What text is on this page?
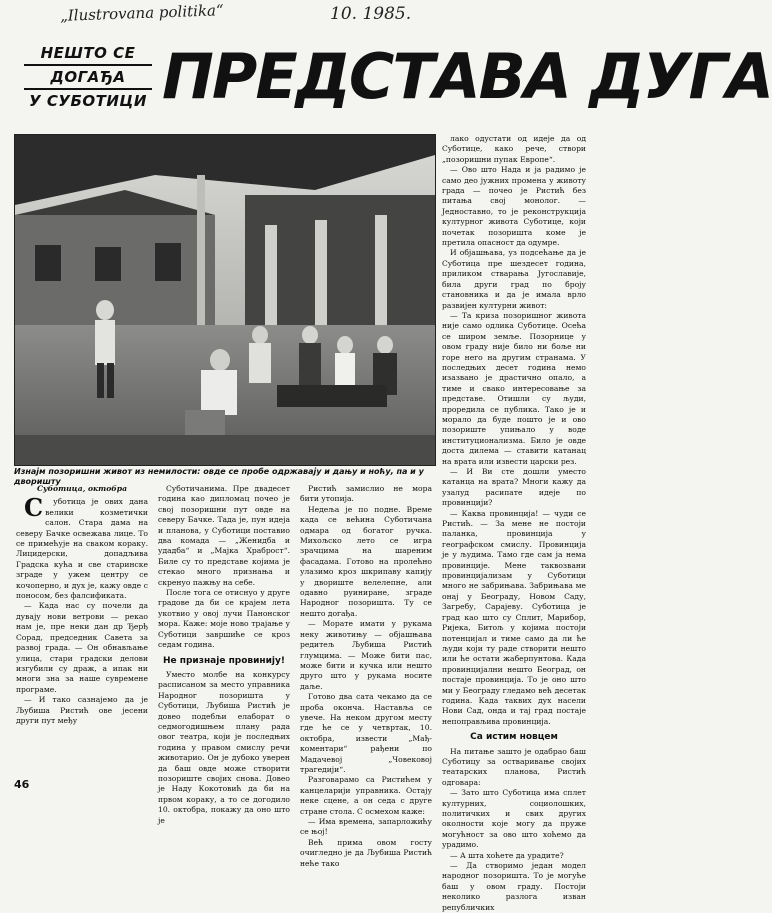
„Ilustrovana politika“	10. 1985.
НЕШТО СЕ
ДОГАЂА
У СУБОТИЦИ ПРЕДСТАВА ДУГА
Изнајм позоришни живот из немилости: овде се пробе одржавају и дању и ноћу, па и у дворишту
Суботица, октобра

С уботица је ових дана велики козметички салон. Стара дама на северу Бачке освежава лице. То се примећује на сваком кораку. Лицидерски, допадљива Градска кућа и све старинске зграде у ужем центру се кочоперно, и дух је, кажу овде с поносом, без фалсификата.

— Када нас су почели да дувају нови ветрови — рекао нам је, пре неки дан др Ђерђ Сорад, председник Савета за развој града. — Он обнављање улица, стари градски делови изгубили су драж, а ипак ни многи зна за наше сувремене програме.

— И тако сазнајемо да је Љубиша Ристић ове јесени други пут међу

Суботичанима. Пре двадесет година као дипломац почео је свој позоришни пут овде на северу Бачке. Тада је, пун идеја и планова, у Суботици поставио два комада — „Женидба и удадба“ и „Мајка Храброст“. Биле су то представе којима је стекао много признања и скренуо пажњу на себе.

После тога се отиснуо у друге градове да би се крајем лета укотвио у овој лучи Панонског мора. Каже: моје ново трајање у Суботици завршиће се кроз седам година.

Не признаје провинију!

Уместо молбе на конкурсу расписаном за место управника Народног позоришта у Суботици, Љубиша Ристић је довео подебљи елаборат о седмогодишњем плану рада овог театра, који је последњих година у правом смислу речи животарио. Он је дубоко уверен да баш овде може створити позориште својих снова. Довео је Наду Кокотовић да би на првом кораку, а то се догодило 10. октобра, покажу да оно што је

Ристић замислио не мора бити утопија.

Недеља је по подне. Време када се већина Суботичана одмара од богатог ручка. Михољско лето се игра зрачцима на шареним фасадама. Готово на пролећно улазимо кроз шкрипаву капију у двориште велелепне, али одавно руиниране, зграде Народног позоришта. Ту се нешто догађа.

— Морате имати у рукама неку животињу — објашњава редитељ Љубиша Ристић глумцима. — Може бити пас, може бити и кучка или нешто друго што у рукама носите даље.

Готово два сата чекамо да се проба оконча. Наставља се увече. На неком другом месту где ће се у четвртак, 10. октобра, извести „Мађ- коментари“ рађени по Мадачевој „Човековој трагедији“.

Разговарамо са Ристићем у канцеларији управника. Остају неке сцене, а он седа с друге стране стола. С осмехом каже:

— Има времена, запарложићу се њој!

Већ прима овом госту очигледно је да Љубиша Ристић неће тако

лако одустати од идеје да од Суботице, како рече, створи „позоришни пупак Европе“.

— Ово што Нада и ја радимо је само део јужних промена у животу града — почео је Ристић без питања свој монолог. — Једноставно, то је реконструкција културног живота Суботице, који почетак позоришта коме је претила опасност да одумре.

И објашњава, уз подсећање да је Суботица пре шездесет година, приликом стварања Југославије, била други град по броју становника и да је имала врло развијен културни живот:

— Та криза позоришног живота није само одлика Суботице. Осећа се широм земље. Позорнице у овом граду није било ни боље ни горе него на другим странама. У последњих десет година немо изазвано је драстично опало, а тиме и свако интересовање за представе. Отишли су људи, проредила се публика. Тако је и морало да буде пошто је и ово позориште упињало у воде институционализма. Било је овде доста дилема — ставити катанац на врата или извести царски рез.

— И Ви сте дошли уместо катанца на врата? Многи кажу да узалуд расипате идеје по провинцији?

— Каква провинција! — чуди се Ристић. — За мене не постоји паланка, провинција у географском смислу. Провинција је у људима. Тамо где сам ја нема провинције. Мене таквозвани провинцијализам у Суботици много не забрињава. Забрињава ме онај у Београду, Новом Саду, Загребу, Сарајеву. Суботица је град као што су Сплит, Марибор, Ријека, Битољ у којима постоји потенцијал и тиме само да ли ће људи који ту раде створити нешто или ће остати жаберпунтова. Када провинцијални нешто Београд, он постаје провинција. То је оно што ми у Београду гледамо већ десетак година. Када таквих дух насели Нови Сад, онда и тај град постаје непоправљива провинција.

Са истим новцем

На питање зашто је одабрао баш Суботицу за остваривање својих театарских планова, Ристић одговара:

— Зато што Суботица има сплет културних, социолошких, политичких и свих других околности које могу да пруже могућност за ово што хоћемо да урадимо.

— А шта хоћете да урадите?

— Да створимо један модел народног позоришта. То је могуће баш у овом граду. Постоји неколико разлога изван републичких

46
